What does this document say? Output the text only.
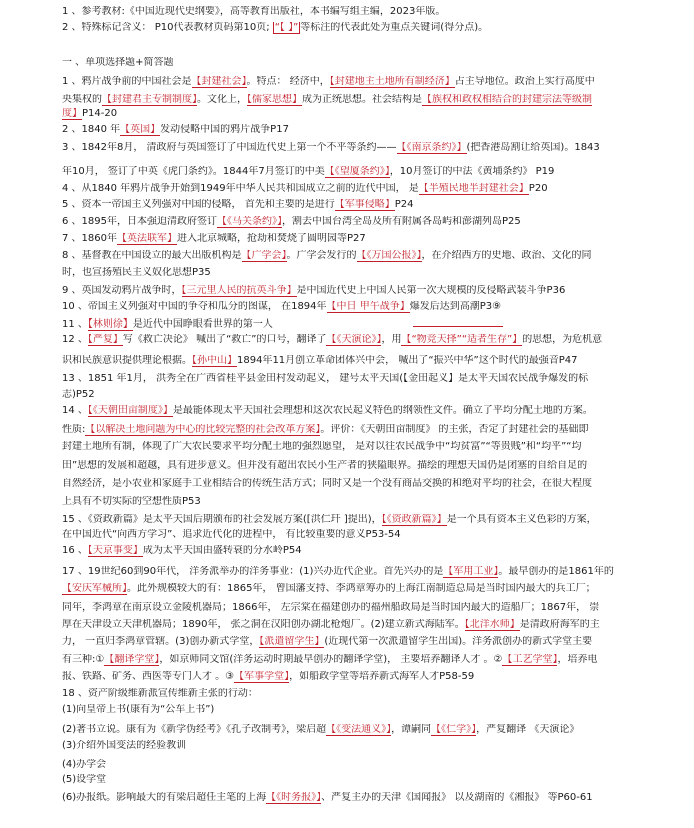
1 、参考教材:《中国近现代史纲要》，高等教育出版社，本书编写组主编，2023年版。
2 、特殊标记含义： P10代表教材页码第10页; “【 】” 等标注的代表此处为重点关键词(得分点)。
一 、单项选择题+简答题
1 、鸦片战争前的中国社会是【封建社会】。特点： 经济中，【封建地主土地所有制经济】占主导地位。政治上实行高度中
央集权的【封建君主专制制度】。文化上，【儒家思想】成为正统思想。社会结构是【族权和政权相结合的封建宗法等级制
度】P14-20
2 、1840 年【英国】发动侵略中国的鸦片战争P17
3 、1842年8月， 清政府与英国签订了中国近代史上第一个不平等条约——【《南京条约》】(把香港岛割让给英国)。1843
年10月， 签订了中英《虎门条约》。1844年7月签订的中美【《望厦条约》】，10月签订的中法《黄埔条约》 P19
4 、从1840 年鸦片战争开始到1949年中华人民共和国成立之前的近代中国， 是【半殖民地半封建社会】P20
5 、资本一帝国主义列强对中国的侵略， 首先和主要的是进行【军事侵略】P24
6 、1895年，日本强迫清政府签订【《马关条约》】，割去中国台湾全岛及所有附属各岛屿和澎湖列岛P25
7 、1860年【英法联军】进入北京城略，抢劫和焚烧了圆明园等P27
8 、基督教在中国设立的最大出版机构是【广学会】。广学会发行的【《万国公报》】，在介绍西方的史地、政治、文化的同
时，也宣扬殖民主义奴化思想P35
9 、英国发动鸦片战争时，【三元里人民的抗英斗争】是中国近代史上中国人民第一次大规模的反侵略武装斗争P36
10 、帝国主义列强对中国的争夺和瓜分的图谋， 在1894年【中日 甲午战争】爆发后达到高潮P3⑨
11 、【林则徐】是近代中国睁眼看世界的第一人
12 、【严复】写《救亡决论》 喊出了“救亡”的口号，翻译了【《天演论》】，用【“物竞天择”“适者生存”】的思想，为危机意
识和民族意识提供理论根据。【孙中山】1894年11月创立革命团体兴中会， 喊出了“振兴中华”这个时代的最强音P47
13 、1851 年1月， 洪秀全在广西省桂平县金田村发动起义， 建号太平天国(【金田起义】是太平天国农民战争爆发的标
志)P52
14 、【《天朝田亩制度》】是最能体现太平天国社会理想和这次农民起义特色的纲领性文件。确立了平均分配土地的方案。
性质:【以解决土地问题为中心的比较完整的社会改革方案】。评价：《天朝田亩制度》 的主张，否定了封建社会的基础即
封建土地所有制，体现了广大农民要求平均分配土地的强烈愿望， 是对以往农民战争中“均贫富”“等贵贱”和“均平”“均
田”思想的发展和超越，具有进步意义。但并没有超出农民小生产者的狭隘眼界。描绘的理想天国仍是闭塞的自给自足的
自然经济，是小农业和家庭手工业相结合的传统生活方式；同时又是一个没有商品交换的和绝对平均的社会，在很大程度
上具有不切实际的空想性质P53
15 、《资政新篇》是太平天国后期颁布的社会发展方案([洪仁玕 ]提出)，【《资政新篇》】是一个具有资本主义色彩的方案，
在中国近代“向西方学习”、追求近代化的进程中， 有比较重要的意义P53-54
16 、【天京事变】成为太平天国由盛转衰的分水岭P54
17 、19世纪60到90年代， 洋务派举办的洋务事业：(1)兴办近代企业。首先兴办的是【军用工业】。最早创办的是1861年的
【安庆军械所】。此外规模较大的有：1865年， 曾国藩支持、李鸿章筹办的上海江南制造总局是当时国内最大的兵工厂；
同年，李鸿章在南京设立金陵机器局；1866年， 左宗棠在福建创办的福州船政局是当时国内最大的造船厂；1867年， 崇
厚在天津设立天津机器局；1890年， 张之洞在汉阳创办湖北枪炮厂。(2)建立新式海陆军。【北洋水师】是清政府海军的主
力， 一直归李鸿章管辖。(3)创办新式学堂，【派遣留学生】(近现代第一次派遣留学生出国)。洋务派创办的新式学堂主要
有三种:①【翻译学堂】，如京师同文馆(洋务运动时期最早创办的翻译学堂)， 主要培养翻译人才 。②【工艺学堂】，培养电
报、铁路、矿务、西医等专门人才 。③【军事学堂】，如船政学堂等培养新式海军人才P58-59
18 、资产阶级维新派宣传维新主张的行动：
(1)向皇帝上书(康有为“公车上书”)
(2)著书立说。康有为《新学伪经考》《孔子改制考》，梁启超【《变法通义》】，谭嗣同【《仁学》】，严复翻译 《天演论》
(3)介绍外国变法的经验教训
(4)办学会
(5)设学堂
(6)办报纸。影响最大的有梁启超任主笔的上海【《时务报》】、严复主办的天津《国闻报》 以及湖南的《湘报》 等P60-61
